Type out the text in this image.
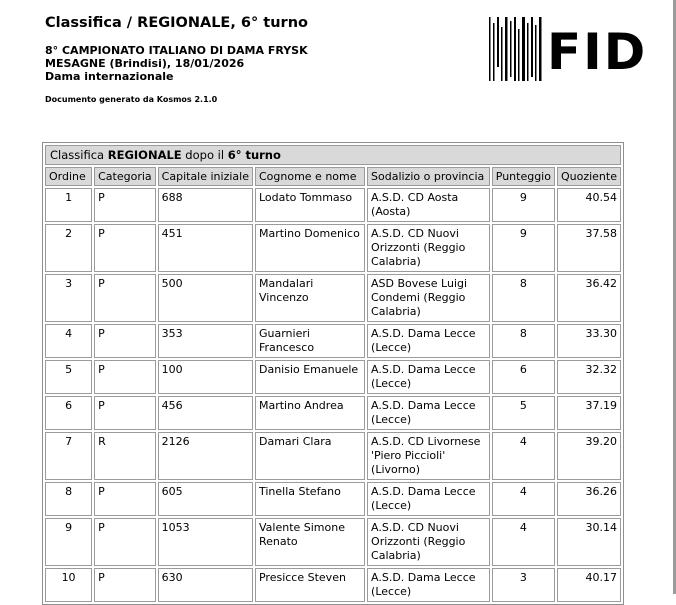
Classifica / REGIONALE, 6° turno
8° CAMPIONATO ITALIANO DI DAMA FRYSK
MESAGNE (Brindisi), 18/01/2026
Dama internazionale
Documento generato da Kosmos 2.1.0
FID
Classifica REGIONALE dopo il 6° turno						
Ordine	Categoria	Capitale iniziale	Cognome e nome	Sodalizio o provincia	Punteggio	Quoziente
1	P	688	Lodato Tommaso	A.S.D. CD Aosta (Aosta)	9	40.54
2	P	451	Martino Domenico	A.S.D. CD Nuovi Orizzonti (Reggio Calabria)	9	37.58
3	P	500	Mandalari Vincenzo	ASD Bovese Luigi Condemi (Reggio Calabria)	8	36.42
4	P	353	Guarnieri Francesco	A.S.D. Dama Lecce (Lecce)	8	33.30
5	P	100	Danisio Emanuele	A.S.D. Dama Lecce (Lecce)	6	32.32
6	P	456	Martino Andrea	A.S.D. Dama Lecce (Lecce)	5	37.19
7	R	2126	Damari Clara	A.S.D. CD Livornese 'Piero Piccioli' (Livorno)	4	39.20
8	P	605	Tinella Stefano	A.S.D. Dama Lecce (Lecce)	4	36.26
9	P	1053	Valente Simone Renato	A.S.D. CD Nuovi Orizzonti (Reggio Calabria)	4	30.14
10	P	630	Presicce Steven	A.S.D. Dama Lecce (Lecce)	3	40.17
